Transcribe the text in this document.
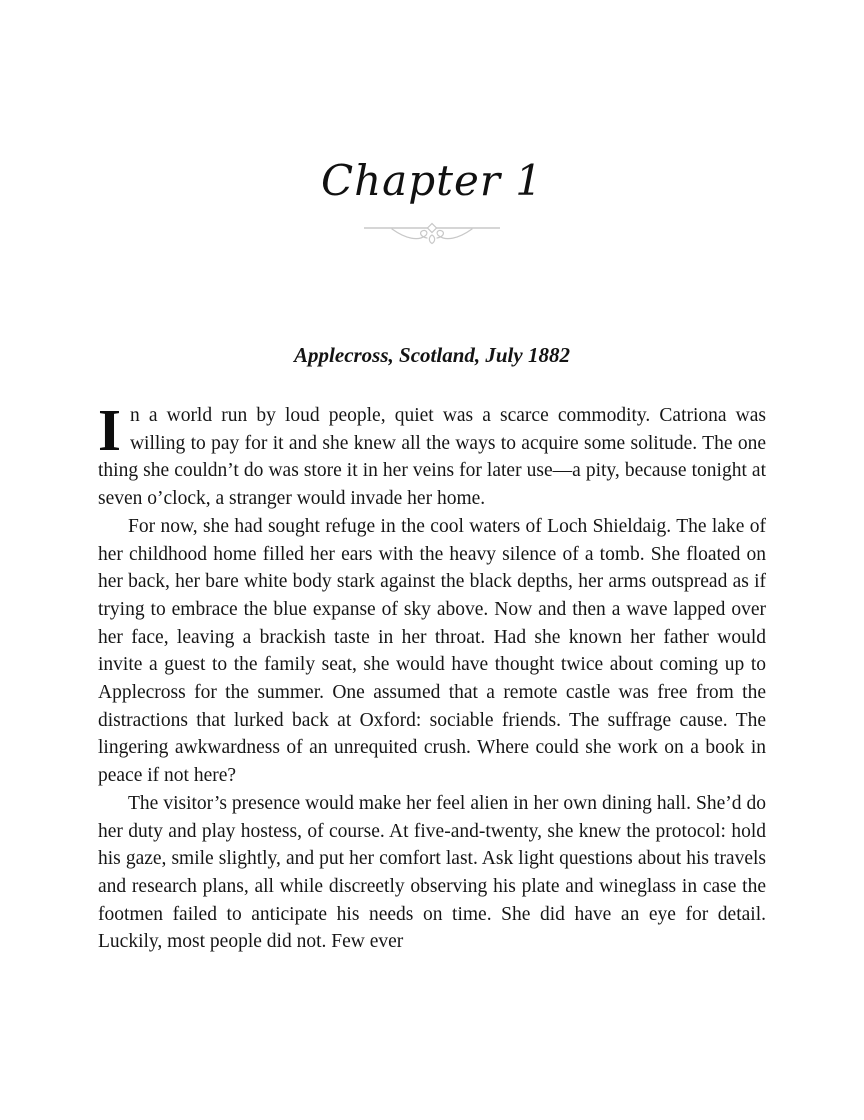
Chapter 1
Applecross, Scotland, July 1882

In a world run by loud people, quiet was a scarce commodity. Catriona was willing to pay for it and she knew all the ways to acquire some solitude. The one thing she couldn’t do was store it in her veins for later use—a pity, because tonight at seven o’clock, a stranger would invade her home.

For now, she had sought refuge in the cool waters of Loch Shieldaig. The lake of her childhood home filled her ears with the heavy silence of a tomb. She floated on her back, her bare white body stark against the black depths, her arms outspread as if trying to embrace the blue expanse of sky above. Now and then a wave lapped over her face, leaving a brackish taste in her throat. Had she known her father would invite a guest to the family seat, she would have thought twice about coming up to Applecross for the summer. One assumed that a remote castle was free from the distractions that lurked back at Oxford: sociable friends. The suffrage cause. The lingering awkwardness of an unrequited crush. Where could she work on a book in peace if not here?

The visitor’s presence would make her feel alien in her own dining hall. She’d do her duty and play hostess, of course. At five-and-twenty, she knew the protocol: hold his gaze, smile slightly, and put her comfort last. Ask light questions about his travels and research plans, all while discreetly observing his plate and wineglass in case the footmen failed to anticipate his needs on time. She did have an eye for detail. Luckily, most people did not. Few ever
